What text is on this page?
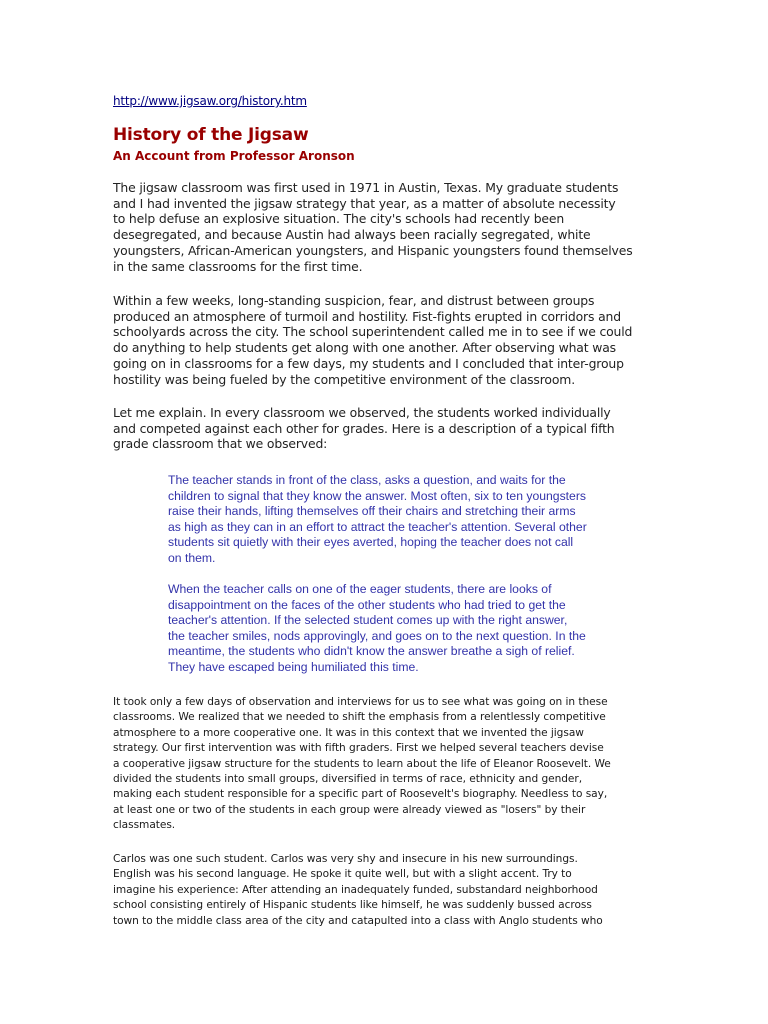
http://www.jigsaw.org/history.htm
History of the Jigsaw
An Account from Professor Aronson

The jigsaw classroom was first used in 1971 in Austin, Texas. My graduate students
and I had invented the jigsaw strategy that year, as a matter of absolute necessity
to help defuse an explosive situation. The city's schools had recently been
desegregated, and because Austin had always been racially segregated, white
youngsters, African-American youngsters, and Hispanic youngsters found themselves
in the same classrooms for the first time.

Within a few weeks, long-standing suspicion, fear, and distrust between groups
produced an atmosphere of turmoil and hostility. Fist-fights erupted in corridors and
schoolyards across the city. The school superintendent called me in to see if we could
do anything to help students get along with one another. After observing what was
going on in classrooms for a few days, my students and I concluded that inter-group
hostility was being fueled by the competitive environment of the classroom.

Let me explain. In every classroom we observed, the students worked individually
and competed against each other for grades. Here is a description of a typical fifth
grade classroom that we observed:

The teacher stands in front of the class, asks a question, and waits for the
children to signal that they know the answer. Most often, six to ten youngsters
raise their hands, lifting themselves off their chairs and stretching their arms
as high as they can in an effort to attract the teacher's attention. Several other
students sit quietly with their eyes averted, hoping the teacher does not call
on them.

When the teacher calls on one of the eager students, there are looks of
disappointment on the faces of the other students who had tried to get the
teacher's attention. If the selected student comes up with the right answer,
the teacher smiles, nods approvingly, and goes on to the next question. In the
meantime, the students who didn't know the answer breathe a sigh of relief.
They have escaped being humiliated this time.

It took only a few days of observation and interviews for us to see what was going on in these
classrooms. We realized that we needed to shift the emphasis from a relentlessly competitive
atmosphere to a more cooperative one. It was in this context that we invented the jigsaw
strategy. Our first intervention was with fifth graders. First we helped several teachers devise
a cooperative jigsaw structure for the students to learn about the life of Eleanor Roosevelt. We
divided the students into small groups, diversified in terms of race, ethnicity and gender,
making each student responsible for a specific part of Roosevelt's biography. Needless to say,
at least one or two of the students in each group were already viewed as "losers" by their
classmates.

Carlos was one such student. Carlos was very shy and insecure in his new surroundings.
English was his second language. He spoke it quite well, but with a slight accent. Try to
imagine his experience: After attending an inadequately funded, substandard neighborhood
school consisting entirely of Hispanic students like himself, he was suddenly bussed across
town to the middle class area of the city and catapulted into a class with Anglo students who
